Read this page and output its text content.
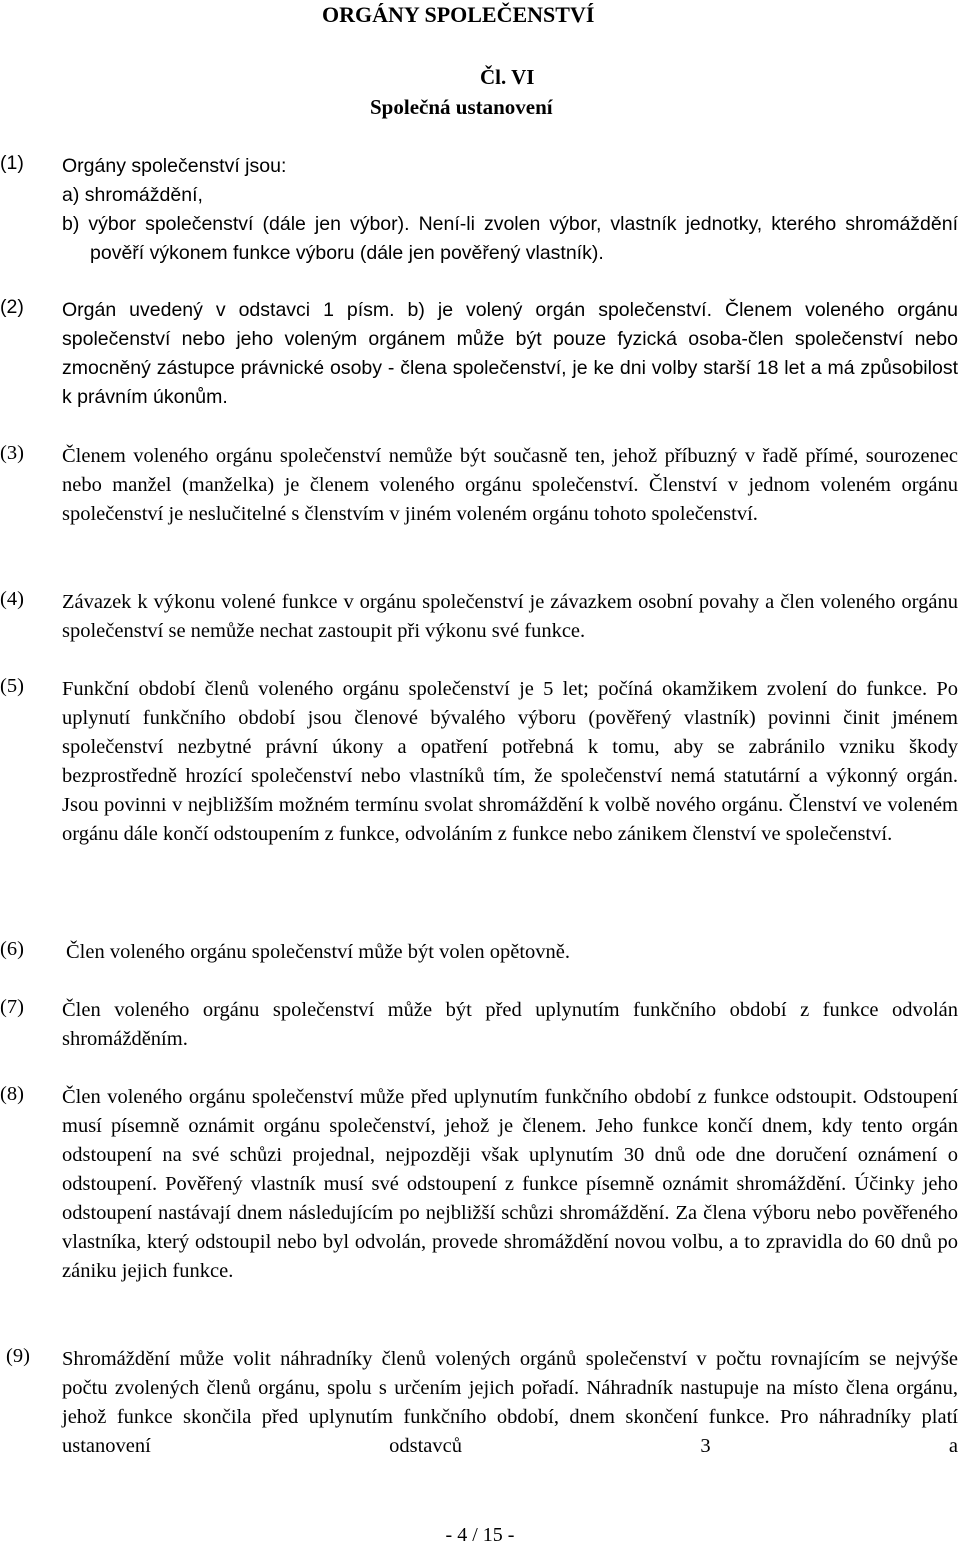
ORGÁNY SPOLEČENSTVÍ
Čl. VI
Společná ustanovení
(1) Orgány společenství jsou:
a) shromáždění,
b) výbor společenství (dále jen výbor). Není-li zvolen výbor, vlastník jednotky, kterého shromáždění pověří výkonem funkce výboru (dále jen pověřený vlastník).
(2) Orgán uvedený v odstavci 1 písm. b) je volený orgán společenství. Členem voleného orgánu společenství nebo jeho voleným orgánem může být pouze fyzická osoba-člen společenství nebo zmocněný zástupce právnické osoby - člena společenství, je ke dni volby starší 18 let a má způsobilost k právním úkonům.
(3) Členem voleného orgánu společenství nemůže být současně ten, jehož příbuzný v řadě přímé, sourozenec nebo manžel (manželka) je členem voleného orgánu společenství. Členství v jednom voleném orgánu společenství je neslučitelné s členstvím v jiném voleném orgánu tohoto společenství.
(4) Závazek k výkonu volené funkce v orgánu společenství je závazkem osobní povahy a člen voleného orgánu společenství se nemůže nechat zastoupit při výkonu své funkce.
(5) Funkční období členů voleného orgánu společenství je 5 let; počíná okamžikem zvolení do funkce. Po uplynutí funkčního období jsou členové bývalého výboru (pověřený vlastník) povinni činit jménem společenství nezbytné právní úkony a opatření potřebná k tomu, aby se zabránilo vzniku škody bezprostředně hrozící společenství nebo vlastníků tím, že společenství nemá statutární a výkonný orgán. Jsou povinni v nejbližším možném termínu svolat shromáždění k volbě nového orgánu. Členství ve voleném orgánu dále končí odstoupením z funkce, odvoláním z funkce nebo zánikem členství ve společenství.
(6) Člen voleného orgánu společenství může být volen opětovně.
(7) Člen voleného orgánu společenství může být před uplynutím funkčního období z funkce odvolán shromážděním.
(8) Člen voleného orgánu společenství může před uplynutím funkčního období z funkce odstoupit. Odstoupení musí písemně oznámit orgánu společenství, jehož je členem. Jeho funkce končí dnem, kdy tento orgán odstoupení na své schůzi projednal, nejpozději však uplynutím 30 dnů ode dne doručení oznámení o odstoupení. Pověřený vlastník musí své odstoupení z funkce písemně oznámit shromáždění. Účinky jeho odstoupení nastávají dnem následujícím po nejbližší schůzi shromáždění. Za člena výboru nebo pověřeného vlastníka, který odstoupil nebo byl odvolán, provede shromáždění novou volbu, a to zpravidla do 60 dnů po zániku jejich funkce.
(9) Shromáždění může volit náhradníky členů volených orgánů společenství v počtu rovnajícím se nejvýše počtu zvolených členů orgánu, spolu s určením jejich pořadí. Náhradník nastupuje na místo člena orgánu, jehož funkce skončila před uplynutím funkčního období, dnem skončení funkce. Pro náhradníky platí ustanovení odstavců 3 a
- 4 / 15 -
